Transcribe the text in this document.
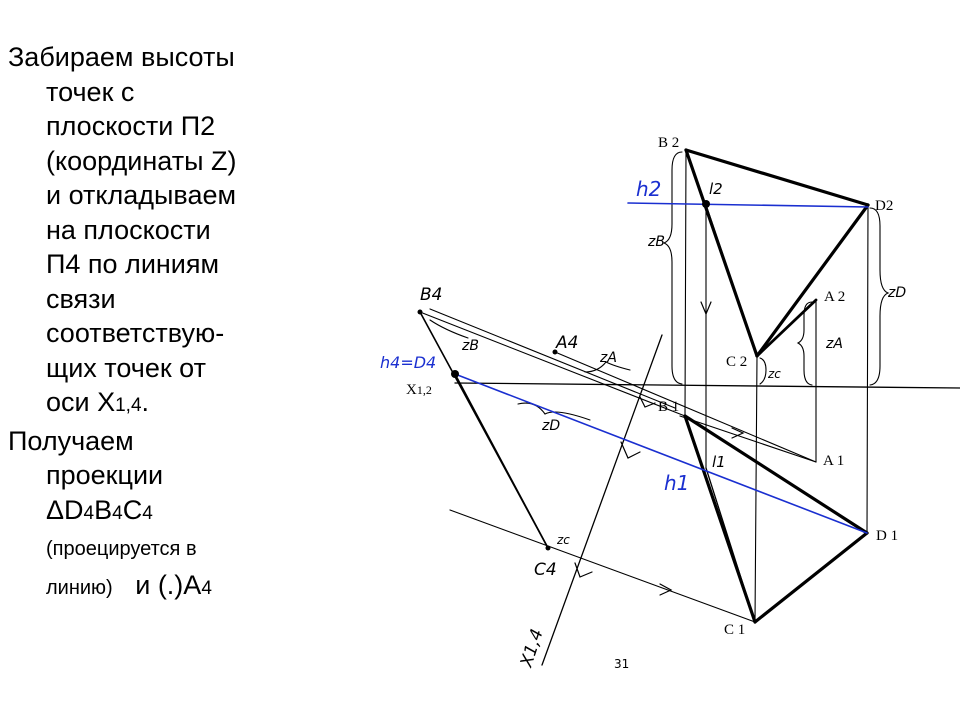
Забираем высоты
точек с
плоскости П2
(координаты Z)
и откладываем
на плоскости
П4 по линиям
связи
соответствую-
щих точек от
оси Х1,4.

Получаем
проекции
ΔD4B4C4
(проецируется в
линию) и (.)А4

B 2
D2
A 2
C 2
B 1
A 1
D 1
C 1
X1,2
B4
A4
C4
X1,4
l2
l1
zB
zD
zA
zc
zB
zA
zD
zc
31
h2
h1
h4=D4
